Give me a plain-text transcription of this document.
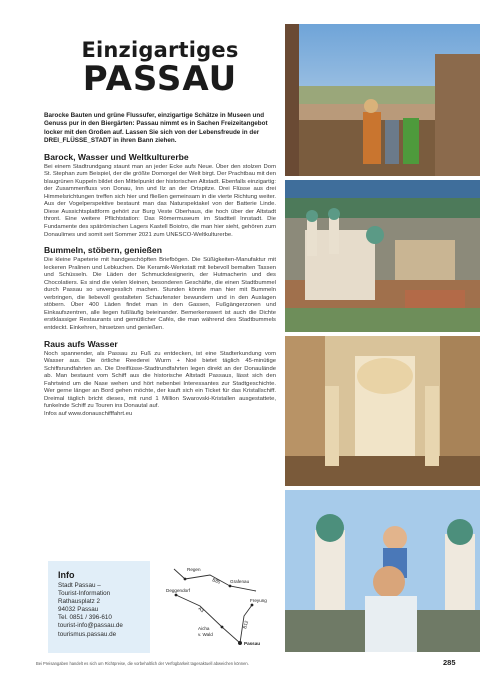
Einzigartiges
PASSAU

Barocke Bauten und grüne Flussufer, einzigartige Schätze in Museen und Genuss pur in den Biergärten: Passau nimmt es in Sachen Freizeitangebot locker mit den Großen auf. Lassen Sie sich von der Lebensfreude in der DREI_FLÜSSE_STADT in ihren Bann ziehen.

Barock, Wasser und Weltkulturerbe

Bei einem Stadtrundgang staunt man an jeder Ecke aufs Neue. Über den stolzen Dom St. Stephan zum Beispiel, der die größte Domorgel der Welt birgt. Der Prachtbau mit den blaugrünen Kuppeln bildet den Mittelpunkt der historischen Altstadt. Ebenfalls einzigartig: der Zusammenfluss von Donau, Inn und Ilz an der Ortspitze. Drei Flüsse aus drei Himmelsrichtungen treffen sich hier und fließen gemeinsam in die vierte Richtung weiter. Aus der Vogelperspektive bestaunt man das Naturspektakel von der Batterie Linde. Diese Aussichtsplattform gehört zur Burg Veste Oberhaus, die hoch über der Altstadt thront. Eine weitere Pflichtstation: Das Römermuseum im Stadtteil Innstadt. Die Fundamente des spätrömischen Lagers Kastell Boiotro, die man hier sieht, gehören zum Donaulimes und somit seit Sommer 2021 zum UNESCO-Weltkulturerbe.

Bummeln, stöbern, genießen

Die kleine Papeterie mit handgeschöpften Briefbögen. Die Süßigkeiten-Manufaktur mit leckeren Pralinen und Lebkuchen. Die Keramik-Werkstatt mit liebevoll bemalten Tassen und Schüsseln. Die Läden der Schmuckdesignerin, der Hutmacherin und des Chocolatiers. Es sind die vielen kleinen, besonderen Geschäfte, die einen Stadtbummel durch Passau so unvergesslich machen. Stunden könnte man hier mit Bummeln verbringen, die liebevoll gestalteten Schaufenster bewundern und in den Auslagen stöbern. Über 400 Läden findet man in den Gassen, Fußgängerzonen und Einkaufszentren, alle liegen fußläufig beieinander. Bemerkenswert ist auch die Dichte erstklassiger Restaurants und gemütlicher Cafés, die man während des Stadtbummels entdeckt. Einkehren, hinsetzen und genießen.

Raus aufs Wasser

Noch spannender, als Passau zu Fuß zu entdecken, ist eine Stadterkundung vom Wasser aus. Die örtliche Reederei Wurm + Noé bietet täglich 45-minütige Schiffsrundfahrten an. Die Dreiflüsse-Stadtrundfahrten legen direkt an der Donaulände ab. Man bestaunt vom Schiff aus die historische Altstadt Passaus, lässt sich den Fahrtwind um die Nase wehen und hört nebenbei Interessantes zur Stadtgeschichte. Wer gerne länger an Bord gehen möchte, der kauft sich ein Ticket für das Kristallschiff. Dreimal täglich bricht dieses, mit rund 1 Million Swarovski-Kristallen ausgestattete, funkelnde Schiff zu Touren ins Donautal auf.

Infos auf www.donauschifffahrt.eu

Info
Stadt Passau –
Tourist-Information
Rathausplatz 2
94032 Passau
Tel. 0851 / 396-610
tourist-info@passau.de
tourismus.passau.de
Regen
Grafenau
Deggendorf
Freyung
Aicha
v. Wald
Passau
B85
A3
B12
Bei Preisangaben handelt es sich um Richtpreise, die vorbehaltlich der Verfügbarkeit tagesaktuell abweichen können.	285
